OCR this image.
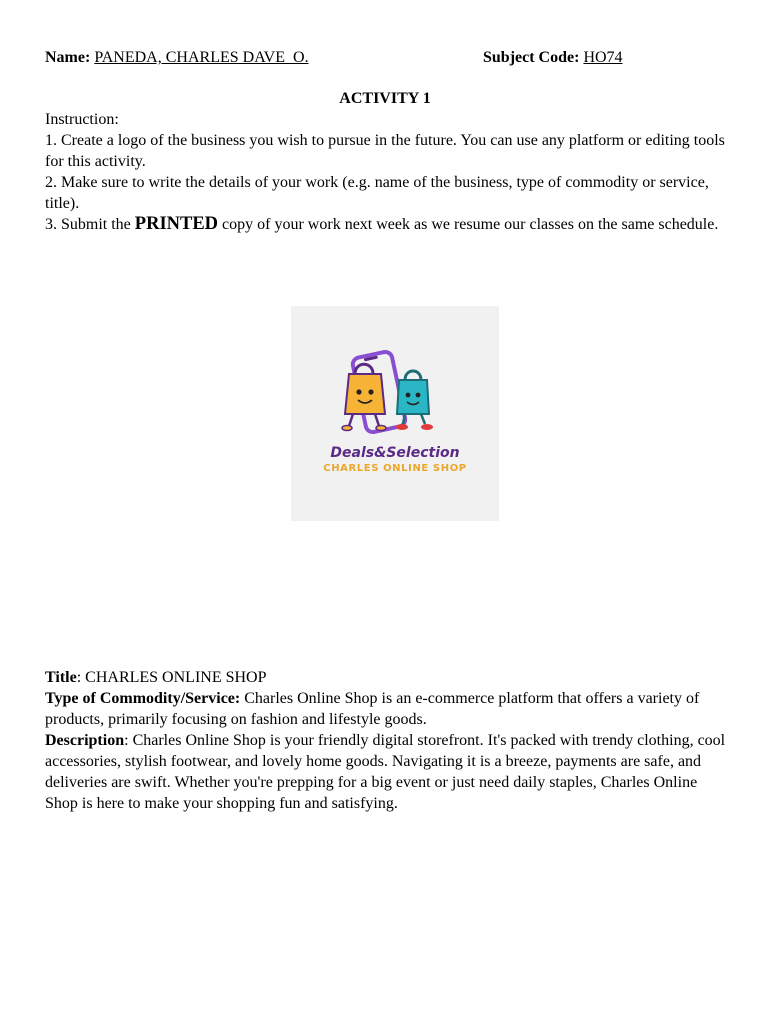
Name: PANEDA, CHARLES DAVE  O.	Subject Code: HO74
ACTIVITY 1

Instruction:

1. Create a logo of the business you wish to pursue in the future. You can use any platform or editing tools for this activity.

2. Make sure to write the details of your work (e.g. name of the business, type of commodity or service, title).

3. Submit the PRINTED copy of your work next week as we resume our classes on the same schedule.

Deals&Selection
CHARLES ONLINE SHOP

Title: CHARLES ONLINE SHOP

Type of Commodity/Service: Charles Online Shop is an e-commerce platform that offers a variety of products, primarily focusing on fashion and lifestyle goods.

Description: Charles Online Shop is your friendly digital storefront. It's packed with trendy clothing, cool accessories, stylish footwear, and lovely home goods. Navigating it is a breeze, payments are safe, and deliveries are swift. Whether you're prepping for a big event or just need daily staples, Charles Online Shop is here to make your shopping fun and satisfying.
